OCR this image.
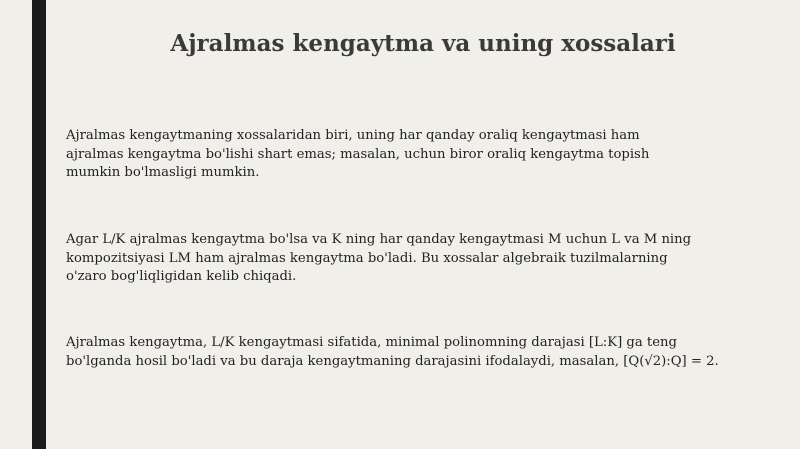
Ajralmas kengaytma va uning xossalari

Ajralmas kengaytmaning xossalaridan biri, uning har qanday oraliq kengaytmasi ham
ajralmas kengaytma bo'lishi shart emas; masalan, uchun biror oraliq kengaytma topish
mumkin bo'lmasligi mumkin.

Agar L/K ajralmas kengaytma bo'lsa va K ning har qanday kengaytmasi M uchun L va M ning
kompozitsiyasi LM ham ajralmas kengaytma bo'ladi. Bu xossalar algebraik tuzilmalarning
o'zaro bog'liqligidan kelib chiqadi.

Ajralmas kengaytma, L/K kengaytmasi sifatida, minimal polinomning darajasi [L:K] ga teng
bo'lganda hosil bo'ladi va bu daraja kengaytmaning darajasini ifodalaydi, masalan, [Q(√2):Q] = 2.
